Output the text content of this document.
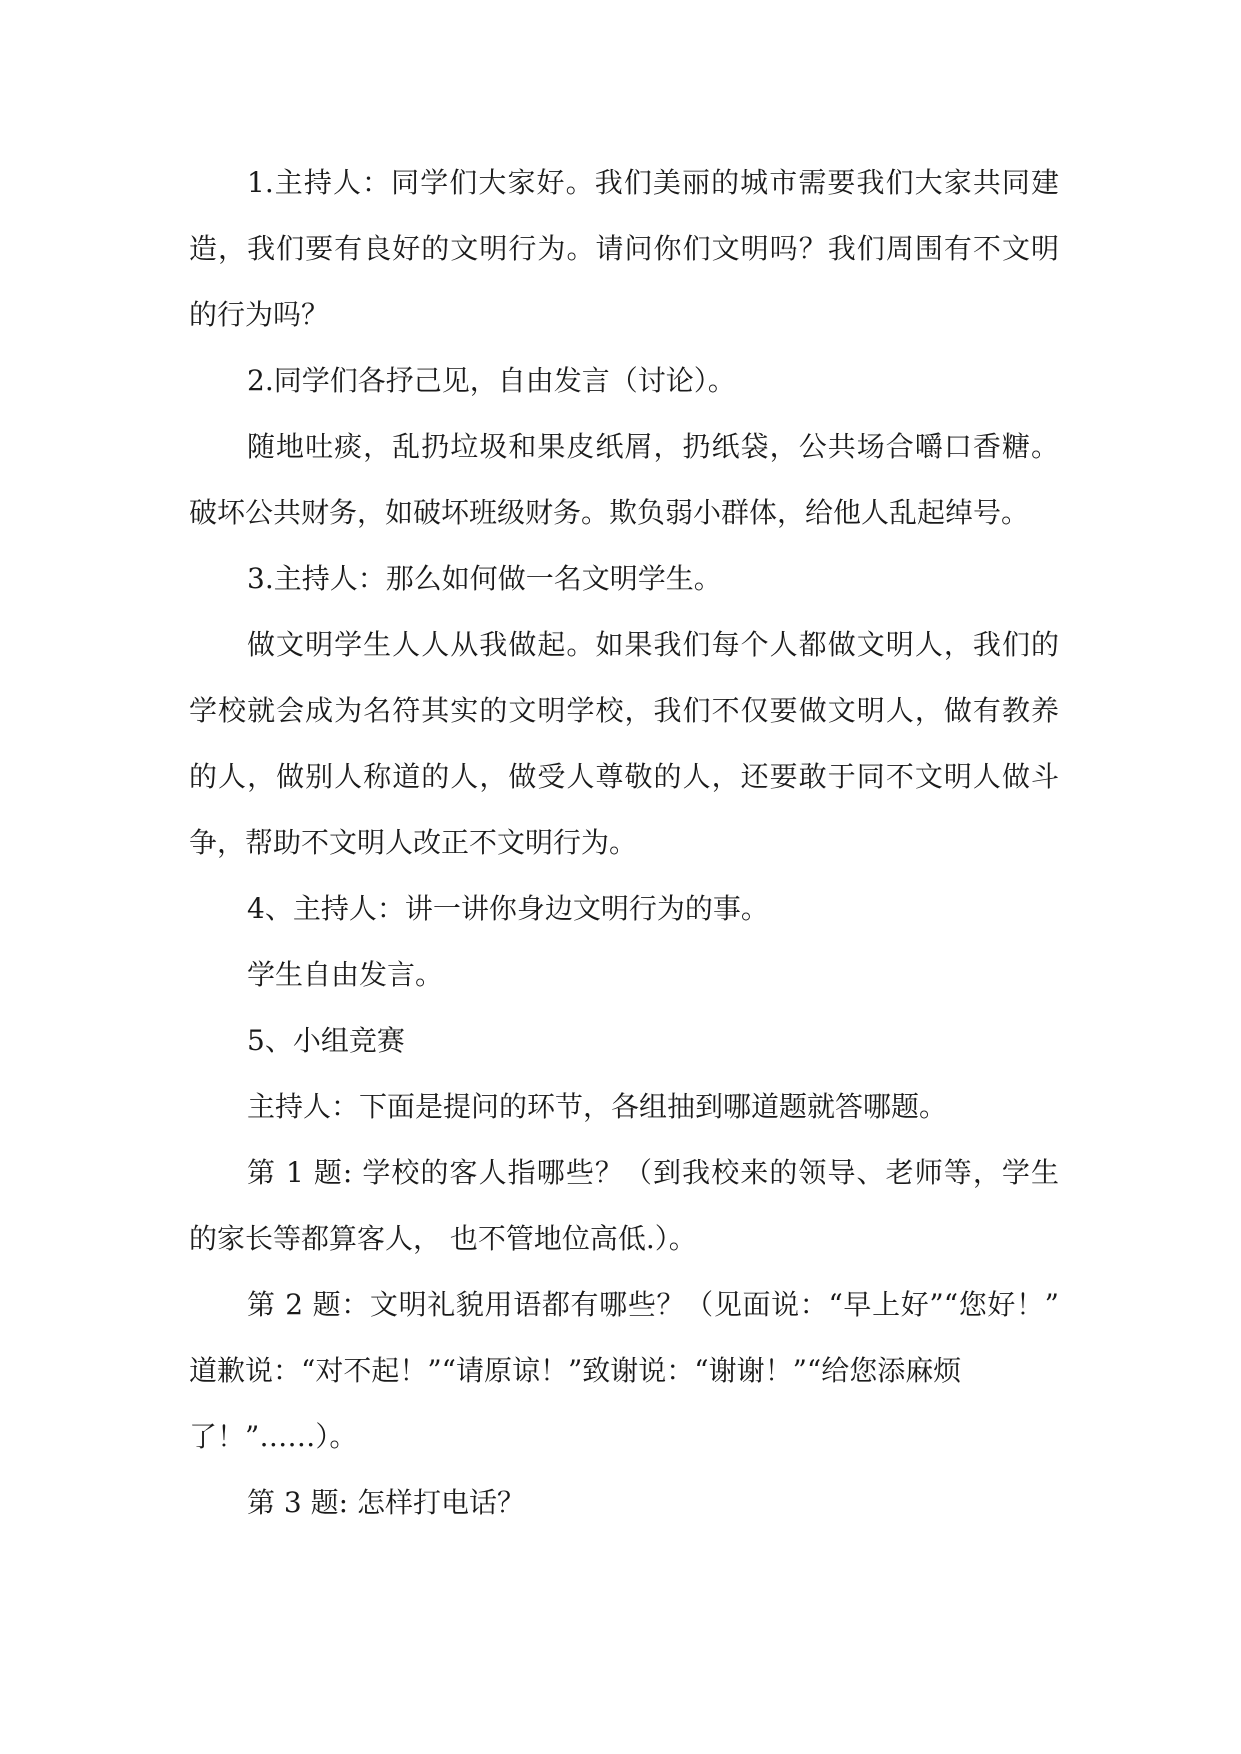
1.主持人：同学们大家好。我们美丽的城市需要我们大家共同建
造，我们要有良好的文明行为。请问你们文明吗？我们周围有不文明
的行为吗？
2.同学们各抒己见，自由发言（讨论）。
随地吐痰，乱扔垃圾和果皮纸屑，扔纸袋，公共场合嚼口香糖。
破坏公共财务，如破坏班级财务。欺负弱小群体，给他人乱起绰号。
3.主持人：那么如何做一名文明学生。
做文明学生人人从我做起。如果我们每个人都做文明人，我们的
学校就会成为名符其实的文明学校，我们不仅要做文明人，做有教养
的人，做别人称道的人，做受人尊敬的人，还要敢于同不文明人做斗
争，帮助不文明人改正不文明行为。
4、主持人：讲一讲你身边文明行为的事。
学生自由发言。
5、小组竞赛
主持人：下面是提问的环节，各组抽到哪道题就答哪题。
第 1 题: 学校的客人指哪些？（到我校来的领导、老师等，学生
的家长等都算客人， 也不管地位高低.）。
第 2 题：文明礼貌用语都有哪些？（见面说：“早上好”“您好！”
道歉说：“对不起！”“请原谅！”致谢说：“谢谢！”“给您添麻烦
了！”……）。
第 3 题: 怎样打电话？
